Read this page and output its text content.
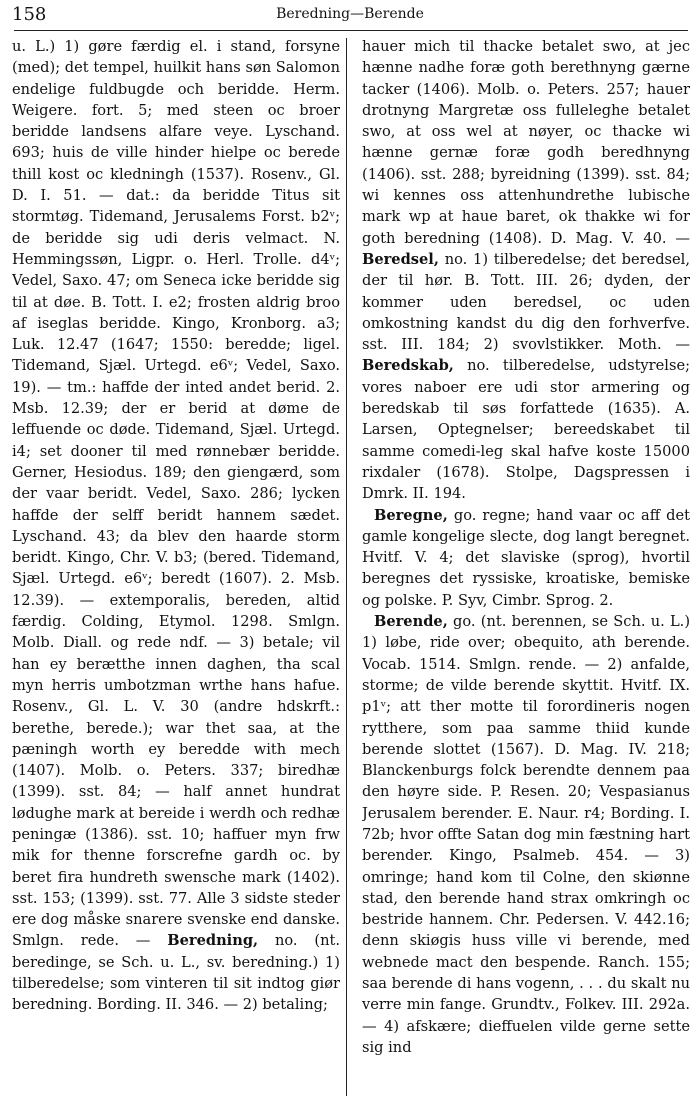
158	Beredning—Berende

u. L.) 1) gøre færdig el. i stand, forsyne (med); det tempel, huilkit hans søn Salomon endelige fuldbugde och beridde. Herm. Weigere. fort. 5; med steen oc broer beridde landsens alfare veye. Lyschand. 693; huis de ville hinder hielpe oc berede thill kost oc kledningh (1537). Rosenv., Gl. D. I. 51. — dat.: da beridde Titus sit stormtøg. Tidemand, Jerusalems Forst. b2ᵛ; de beridde sig udi deris velmact. N. Hemmingssøn, Ligpr. o. Herl. Trolle. d4ᵛ; Vedel, Saxo. 47; om Seneca icke beridde sig til at døe. B. Tott. I. e2; frosten aldrig broo af iseglas beridde. Kingo, Kronborg. a3; Luk. 12.47 (1647; 1550: beredde; ligel. Tidemand, Sjæl. Urtegd. e6ᵛ; Vedel, Saxo. 19). — tm.: haffde der inted andet berid. 2. Msb. 12.39; der er berid at døme de leffuende oc døde. Tidemand, Sjæl. Urtegd. i4; set dooner til med rønnebær beridde. Gerner, Hesiodus. 189; den giengærd, som der vaar beridt. Vedel, Saxo. 286; lycken haffde der selff beridt hannem sædet. Lyschand. 43; da blev den haarde storm beridt. Kingo, Chr. V. b3; (bered. Tidemand, Sjæl. Urtegd. e6ᵛ; beredt (1607). 2. Msb. 12.39). — extemporalis, bereden, altid færdig. Colding, Etymol. 1298. Smlgn. Molb. Diall. og rede ndf. — 3) betale; vil han ey berætthe innen daghen, tha scal myn herris umbotzman wrthe hans hafue. Rosenv., Gl. L. V. 30 (andre hdskrft.: berethe, berede.); war thet saa, at the pæningh worth ey beredde with mech (1407). Molb. o. Peters. 337; biredhæ (1399). sst. 84; — half annet hundrat lødughe mark at bereide i werdh och redhæ peningæ (1386). sst. 10; haffuer myn frw mik for thenne forscrefne gardh oc. by beret fira hundreth swensche mark (1402). sst. 153; (1399). sst. 77. Alle 3 sidste steder ere dog måske snarere svenske end danske. Smlgn. rede. — Beredning, no. (nt. beredinge, se Sch. u. L., sv. beredning.) 1) tilberedelse; som vinteren til sit indtog giør beredning. Bording. II. 346. — 2) betaling;

hauer mich til thacke betalet swo, at jec hænne nadhe foræ goth berethnyng gærne tacker (1406). Molb. o. Peters. 257; hauer drotnyng Margretæ oss fulleleghe betalet swo, at oss wel at nøyer, oc thacke wi hænne gernæ foræ godh beredhnyng (1406). sst. 288; byreidning (1399). sst. 84; wi kennes oss attenhundrethe lubische mark wp at haue baret, ok thakke wi for goth beredning (1408). D. Mag. V. 40. — Beredsel, no. 1) tilberedelse; det beredsel, der til hør. B. Tott. III. 26; dyden, der kommer uden beredsel, oc uden omkostning kandst du dig den forhverfve. sst. III. 184; 2) svovlstikker. Moth. — Beredskab, no. tilberedelse, udstyrelse; vores naboer ere udi stor armering og beredskab til søs forfattede (1635). A. Larsen, Optegnelser; bereedskabet til samme comedi-leg skal hafve koste 15000 rixdaler (1678). Stolpe, Dagspressen i Dmrk. II. 194.

Beregne, go. regne; hand vaar oc aff det gamle kongelige slecte, dog langt beregnet. Hvitf. V. 4; det slaviske (sprog), hvortil beregnes det ryssiske, kroatiske, bemiske og polske. P. Syv, Cimbr. Sprog. 2.

Berende, go. (nt. berennen, se Sch. u. L.) 1) løbe, ride over; obequito, ath berende. Vocab. 1514. Smlgn. rende. — 2) anfalde, storme; de vilde berende skyttit. Hvitf. IX. p1ᵛ; att ther motte til forordineris nogen rytthere, som paa samme thiid kunde berende slottet (1567). D. Mag. IV. 218; Blanckenburgs folck berendte dennem paa den høyre side. P. Resen. 20; Vespasianus Jerusalem berender. E. Naur. r4; Bording. I. 72b; hvor offte Satan dog min fæstning hart berender. Kingo, Psalmeb. 454. — 3) omringe; hand kom til Colne, den skiønne stad, den berende hand strax omkringh oc bestride hannem. Chr. Pedersen. V. 442.16; denn skiøgis huss ville vi berende, med webnede mact den bespende. Ranch. 155; saa berende di hans vogenn, . . . du skalt nu verre min fange. Grundtv., Folkev. III. 292a. — 4) afskære; dieffuelen vilde gerne sette sig ind
